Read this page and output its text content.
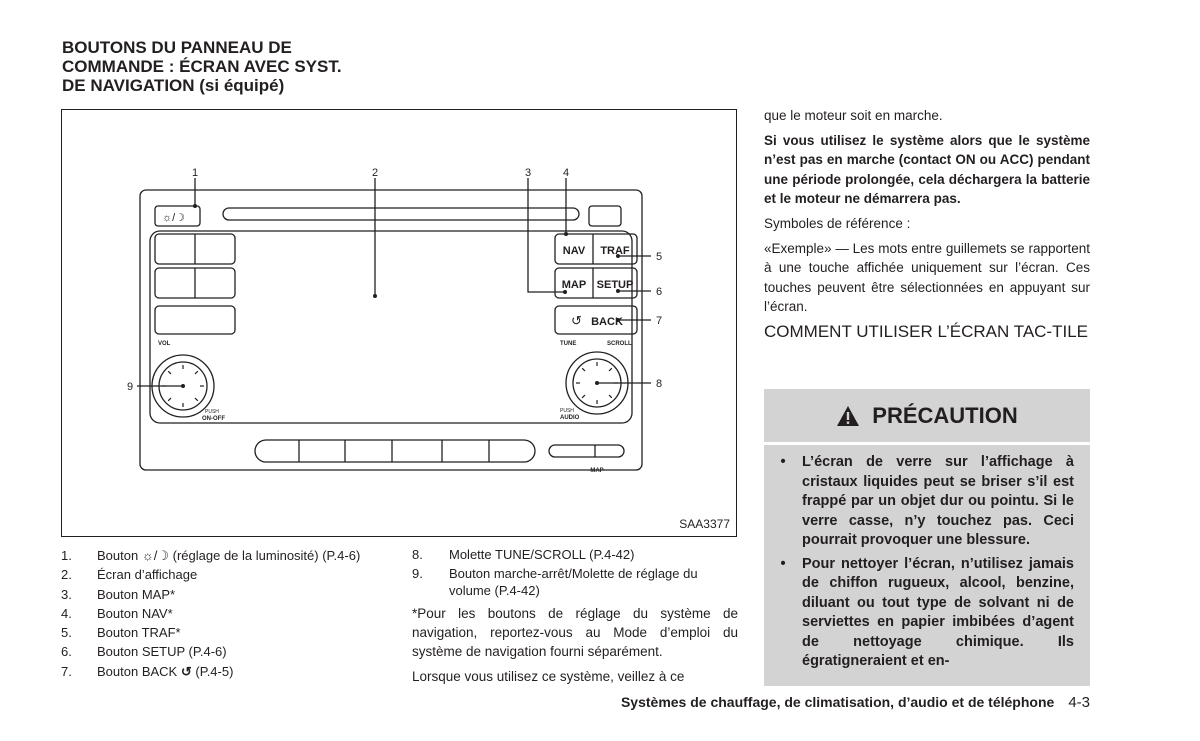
BOUTONS DU PANNEAU DE
COMMANDE : ÉCRAN AVEC SYST.
DE NAVIGATION (si équipé)
☼/☽
↺
NAV TRAF
MAP SETUP
BACK
MAP
VOL
PUSH
ON-OFF
TUNE	SCROLL
PUSH
AUDIO
1	2	3	4
5
6
7
8
9
SAA3377
1.	Bouton ☼/☽ (réglage de la luminosité) (P.4-6)
2.	Écran d’affichage
3.	Bouton MAP*
4.	Bouton NAV*
5.	Bouton TRAF*
6.	Bouton SETUP (P.4-6)
7.	Bouton BACK ↺ (P.4-5)
8.	Molette TUNE/SCROLL (P.4-42)
9.	Bouton marche-arrêt/Molette de réglage du volume (P.4-42)

*Pour les boutons de réglage du système de navigation, reportez-vous au Mode d’emploi du système de navigation fourni séparément.

Lorsque vous utilisez ce système, veillez à ce

que le moteur soit en marche.

Si vous utilisez le système alors que le système n’est pas en marche (contact ON ou ACC) pendant une période prolongée, cela déchargera la batterie et le moteur ne démarrera pas.

Symboles de référence :

«Exemple» — Les mots entre guillemets se rapportent à une touche affichée uniquement sur l’écran. Ces touches peuvent être sélectionnées en appuyant sur l’écran.

COMMENT UTILISER L’ÉCRAN TAC-TILE
PRÉCAUTION
•	L’écran de verre sur l’affichage à cristaux liquides peut se briser s’il est frappé par un objet dur ou pointu. Si le verre casse, n’y touchez pas. Ceci pourrait provoquer une blessure.
•	Pour nettoyer l’écran, n’utilisez jamais de chiffon rugueux, alcool, benzine, diluant ou tout type de solvant ni de serviettes en papier imbibées d’agent de nettoyage chimique. Ils égratigneraient et en-
Systèmes de chauffage, de climatisation, d’audio et de téléphone 4-3
